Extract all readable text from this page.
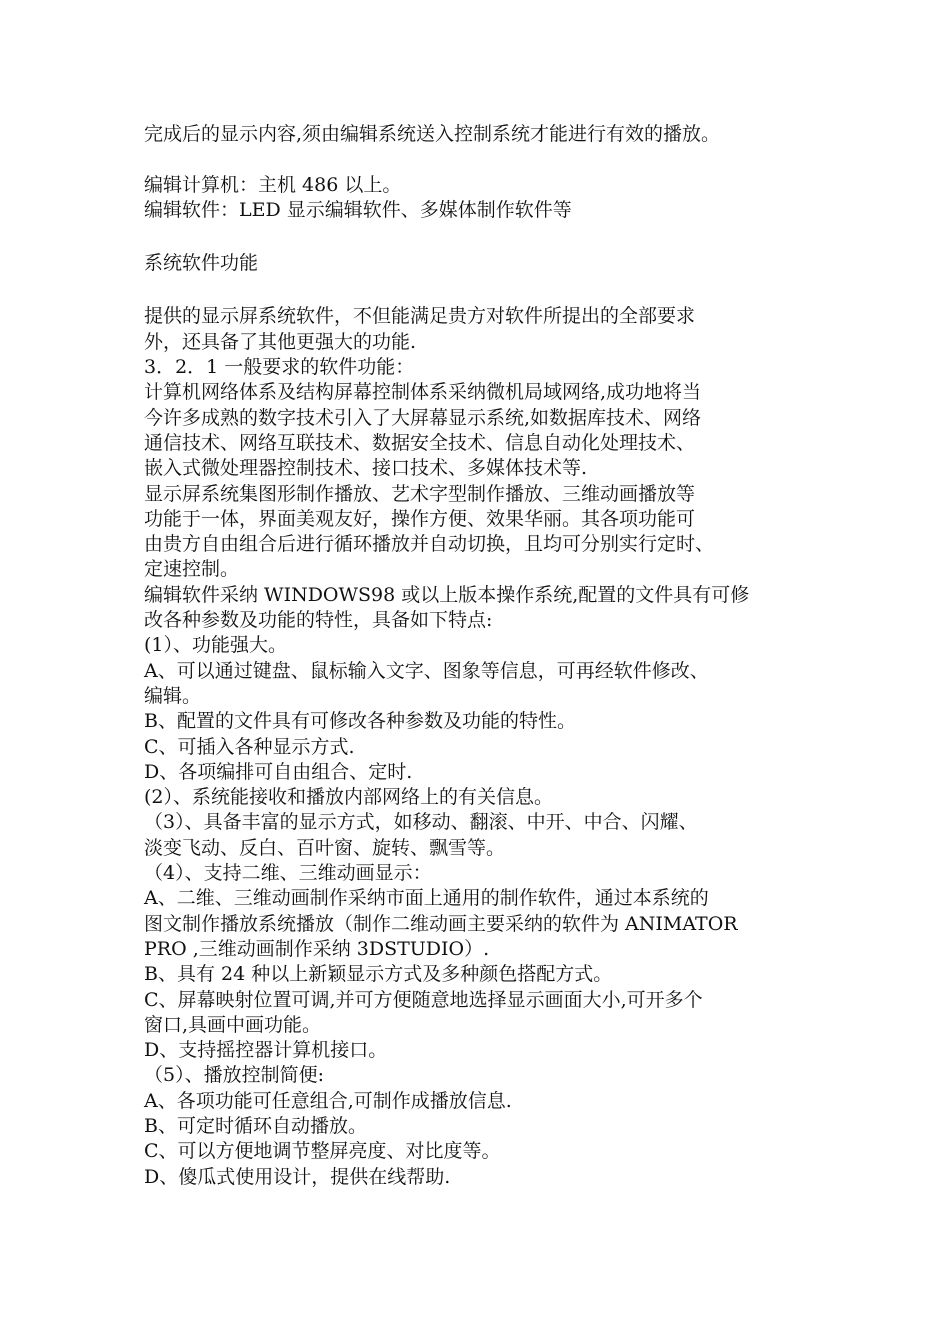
完成后的显示内容,须由编辑系统送入控制系统才能进行有效的播放。
编辑计算机：主机 486 以上。
编辑软件：LED 显示编辑软件、多媒体制作软件等
系统软件功能
提供的显示屏系统软件，不但能满足贵方对软件所提出的全部要求
外，还具备了其他更强大的功能.
3．2．1 一般要求的软件功能：
计算机网络体系及结构屏幕控制体系采纳微机局域网络,成功地将当
今许多成熟的数字技术引入了大屏幕显示系统,如数据库技术、网络
通信技术、网络互联技术、数据安全技术、信息自动化处理技术、
嵌入式微处理器控制技术、接口技术、多媒体技术等.
显示屏系统集图形制作播放、艺术字型制作播放、三维动画播放等
功能于一体，界面美观友好，操作方便、效果华丽。其各项功能可
由贵方自由组合后进行循环播放并自动切换，且均可分别实行定时、
定速控制。
编辑软件采纳 WINDOWS98 或以上版本操作系统,配置的文件具有可修
改各种参数及功能的特性，具备如下特点:
(1）、功能强大。
A、可以通过键盘、鼠标输入文字、图象等信息，可再经软件修改、
编辑。
B、配置的文件具有可修改各种参数及功能的特性。
C、可插入各种显示方式.
D、各项编排可自由组合、定时.
(2）、系统能接收和播放内部网络上的有关信息。
（3）、具备丰富的显示方式，如移动、翻滚、中开、中合、闪耀、
淡变飞动、反白、百叶窗、旋转、飘雪等。
（4）、支持二维、三维动画显示：
A、二维、三维动画制作采纳市面上通用的制作软件，通过本系统的
图文制作播放系统播放（制作二维动画主要采纳的软件为 ANIMATOR
PRO ,三维动画制作采纳 3DSTUDIO）.
B、具有 24 种以上新颖显示方式及多种颜色搭配方式。
C、屏幕映射位置可调,并可方便随意地选择显示画面大小,可开多个
窗口,具画中画功能。
D、支持摇控器计算机接口。
（5）、播放控制简便:
A、各项功能可任意组合,可制作成播放信息.
B、可定时循环自动播放。
C、可以方便地调节整屏亮度、对比度等。
D、傻瓜式使用设计，提供在线帮助.
